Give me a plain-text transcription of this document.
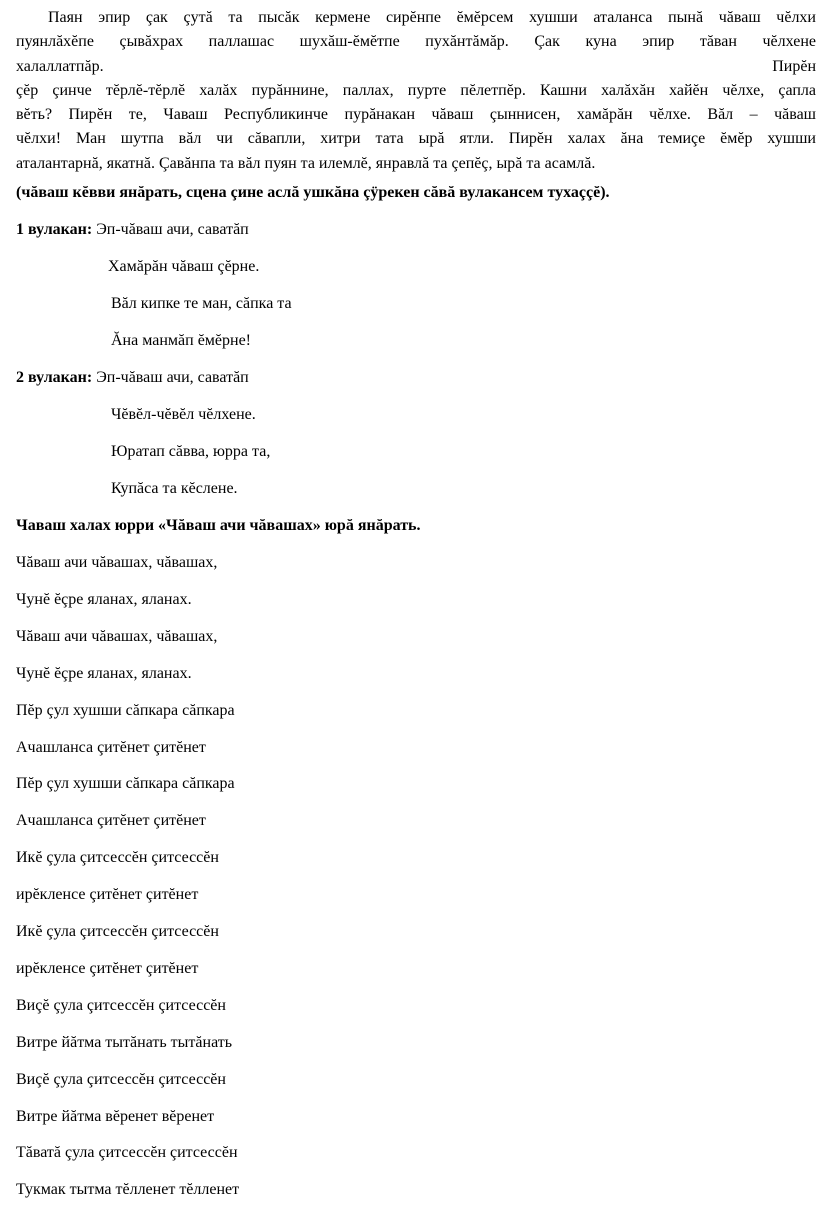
Паян эпир çак çутă та пысăк кермене сирĕнпе ĕмĕрсем хушши аталанса пынă чăваш чĕлхи
пуянлăхĕпе çывăхрах паллашас шухăш-ĕмĕтпе пухăнтăмăр. Çак куна эпир тăван чĕлхене
халаллатпăр.	Пирĕн
çĕр çинче тĕрлĕ-тĕрлĕ халăх пурăннине, паллах, пурте пĕлетпĕр. Кашни халăхăн хайĕн чĕлхе, çапла
вĕть? Пирĕн те, Чаваш Республикинче пурăнакан чăваш çыннисен, хамăрăн чĕлхе. Вăл – чăваш
чĕлхи! Ман шутпа вăл чи сăвапли, хитри тата ырă ятли. Пирĕн халах ăна темиçе ĕмĕр хушши
аталантарнă, якатнă. Çавăнпа та вăл пуян та илемлĕ, янравлă та çепĕç, ырă та асамлă.

(чăваш кĕвви янăрать, сцена çине аслă ушкăна çÿрекен сăвă вулакансем тухаççĕ).
1 вулакан: Эп-чăваш ачи, саватăп
Хамăрăн чăваш çĕрне.
Вăл кипке те ман, сăпка та
Ăна манмăп ĕмĕрне!
2 вулакан: Эп-чăваш ачи, саватăп
Чĕвĕл-чĕвĕл чĕлхене.
Юратап сăвва, юрра та,
Купăса та кĕслене.
Чаваш халах юрри «Чăваш ачи чăвашах» юрă янăрать.
Чăваш ачи чăвашах, чăвашах,
Чунĕ ĕçре яланах, яланах.
Чăваш ачи чăвашах, чăвашах,
Чунĕ ĕçре яланах, яланах.
Пĕр çул хушши сăпкара сăпкара
Ачашланса çитĕнет çитĕнет
Пĕр çул хушши сăпкара сăпкара
Ачашланса çитĕнет çитĕнет
Икĕ çула çитсессĕн çитсессĕн
ирĕкленсе çитĕнет çитĕнет
Икĕ çула çитсессĕн çитсессĕн
ирĕкленсе çитĕнет çитĕнет
Виçĕ çула çитсессĕн çитсессĕн
Витре йăтма тытăнать тытăнать
Виçĕ çула çитсессĕн çитсессĕн
Витре йăтма вĕренет вĕренет
Тăватă çула çитсессĕн çитсессĕн
Тукмак тытма тĕлленет тĕлленет
